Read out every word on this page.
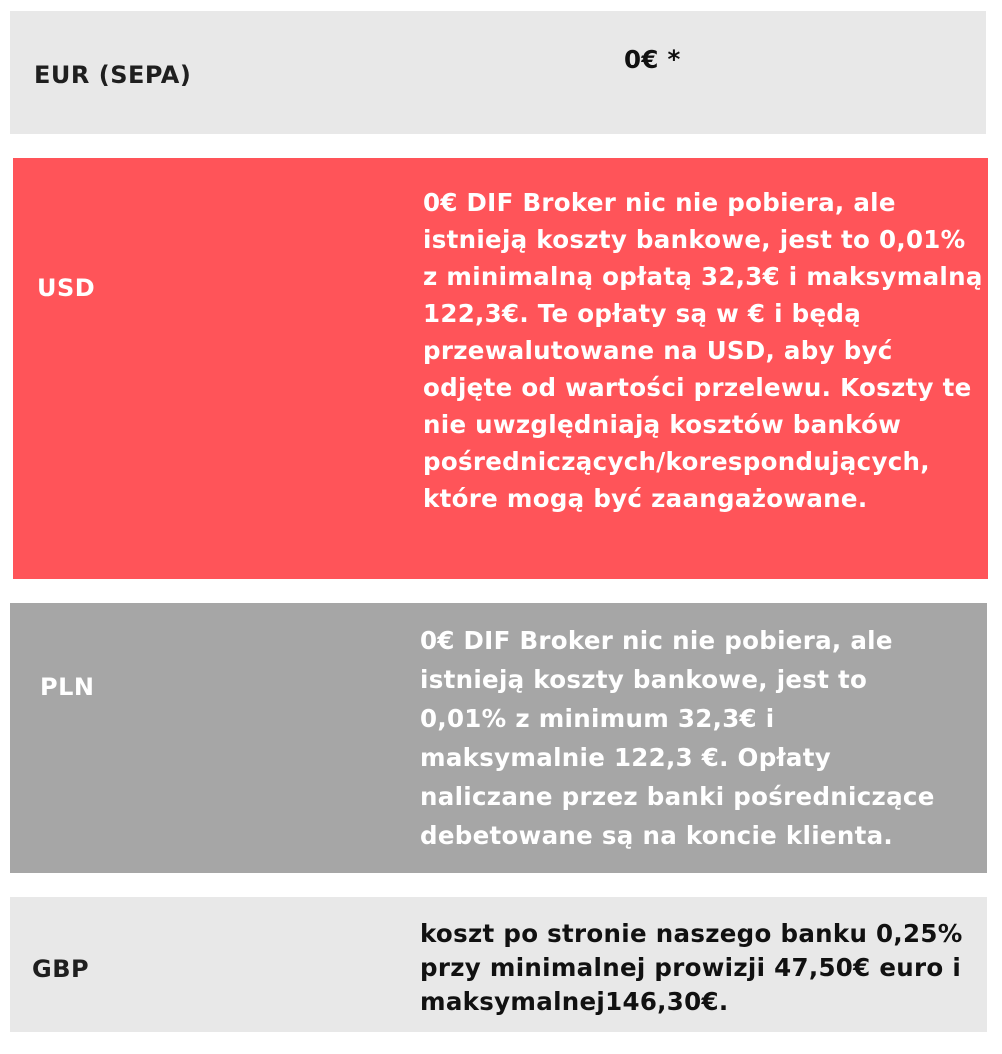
EUR (SEPA)
0€ *
USD
0€ DIF Broker nic nie pobiera, ale istnieją koszty bankowe, jest to 0,01% z minimalną opłatą 32,3€ i maksymalną 122,3€. Te opłaty są w € i będą przewalutowane na USD, aby być odjęte od wartości przelewu. Koszty te nie uwzględniają kosztów banków pośredniczących/korespondujących, które mogą być zaangażowane.
PLN
0€ DIF Broker nic nie pobiera, ale istnieją koszty bankowe, jest to 0,01% z minimum 32,3€ i maksymalnie 122,3 €. Opłaty naliczane przez banki pośredniczące debetowane są na koncie klienta.
GBP
koszt po stronie naszego banku 0,25% przy minimalnej prowizji 47,50€ euro i maksymalnej146,30€.
